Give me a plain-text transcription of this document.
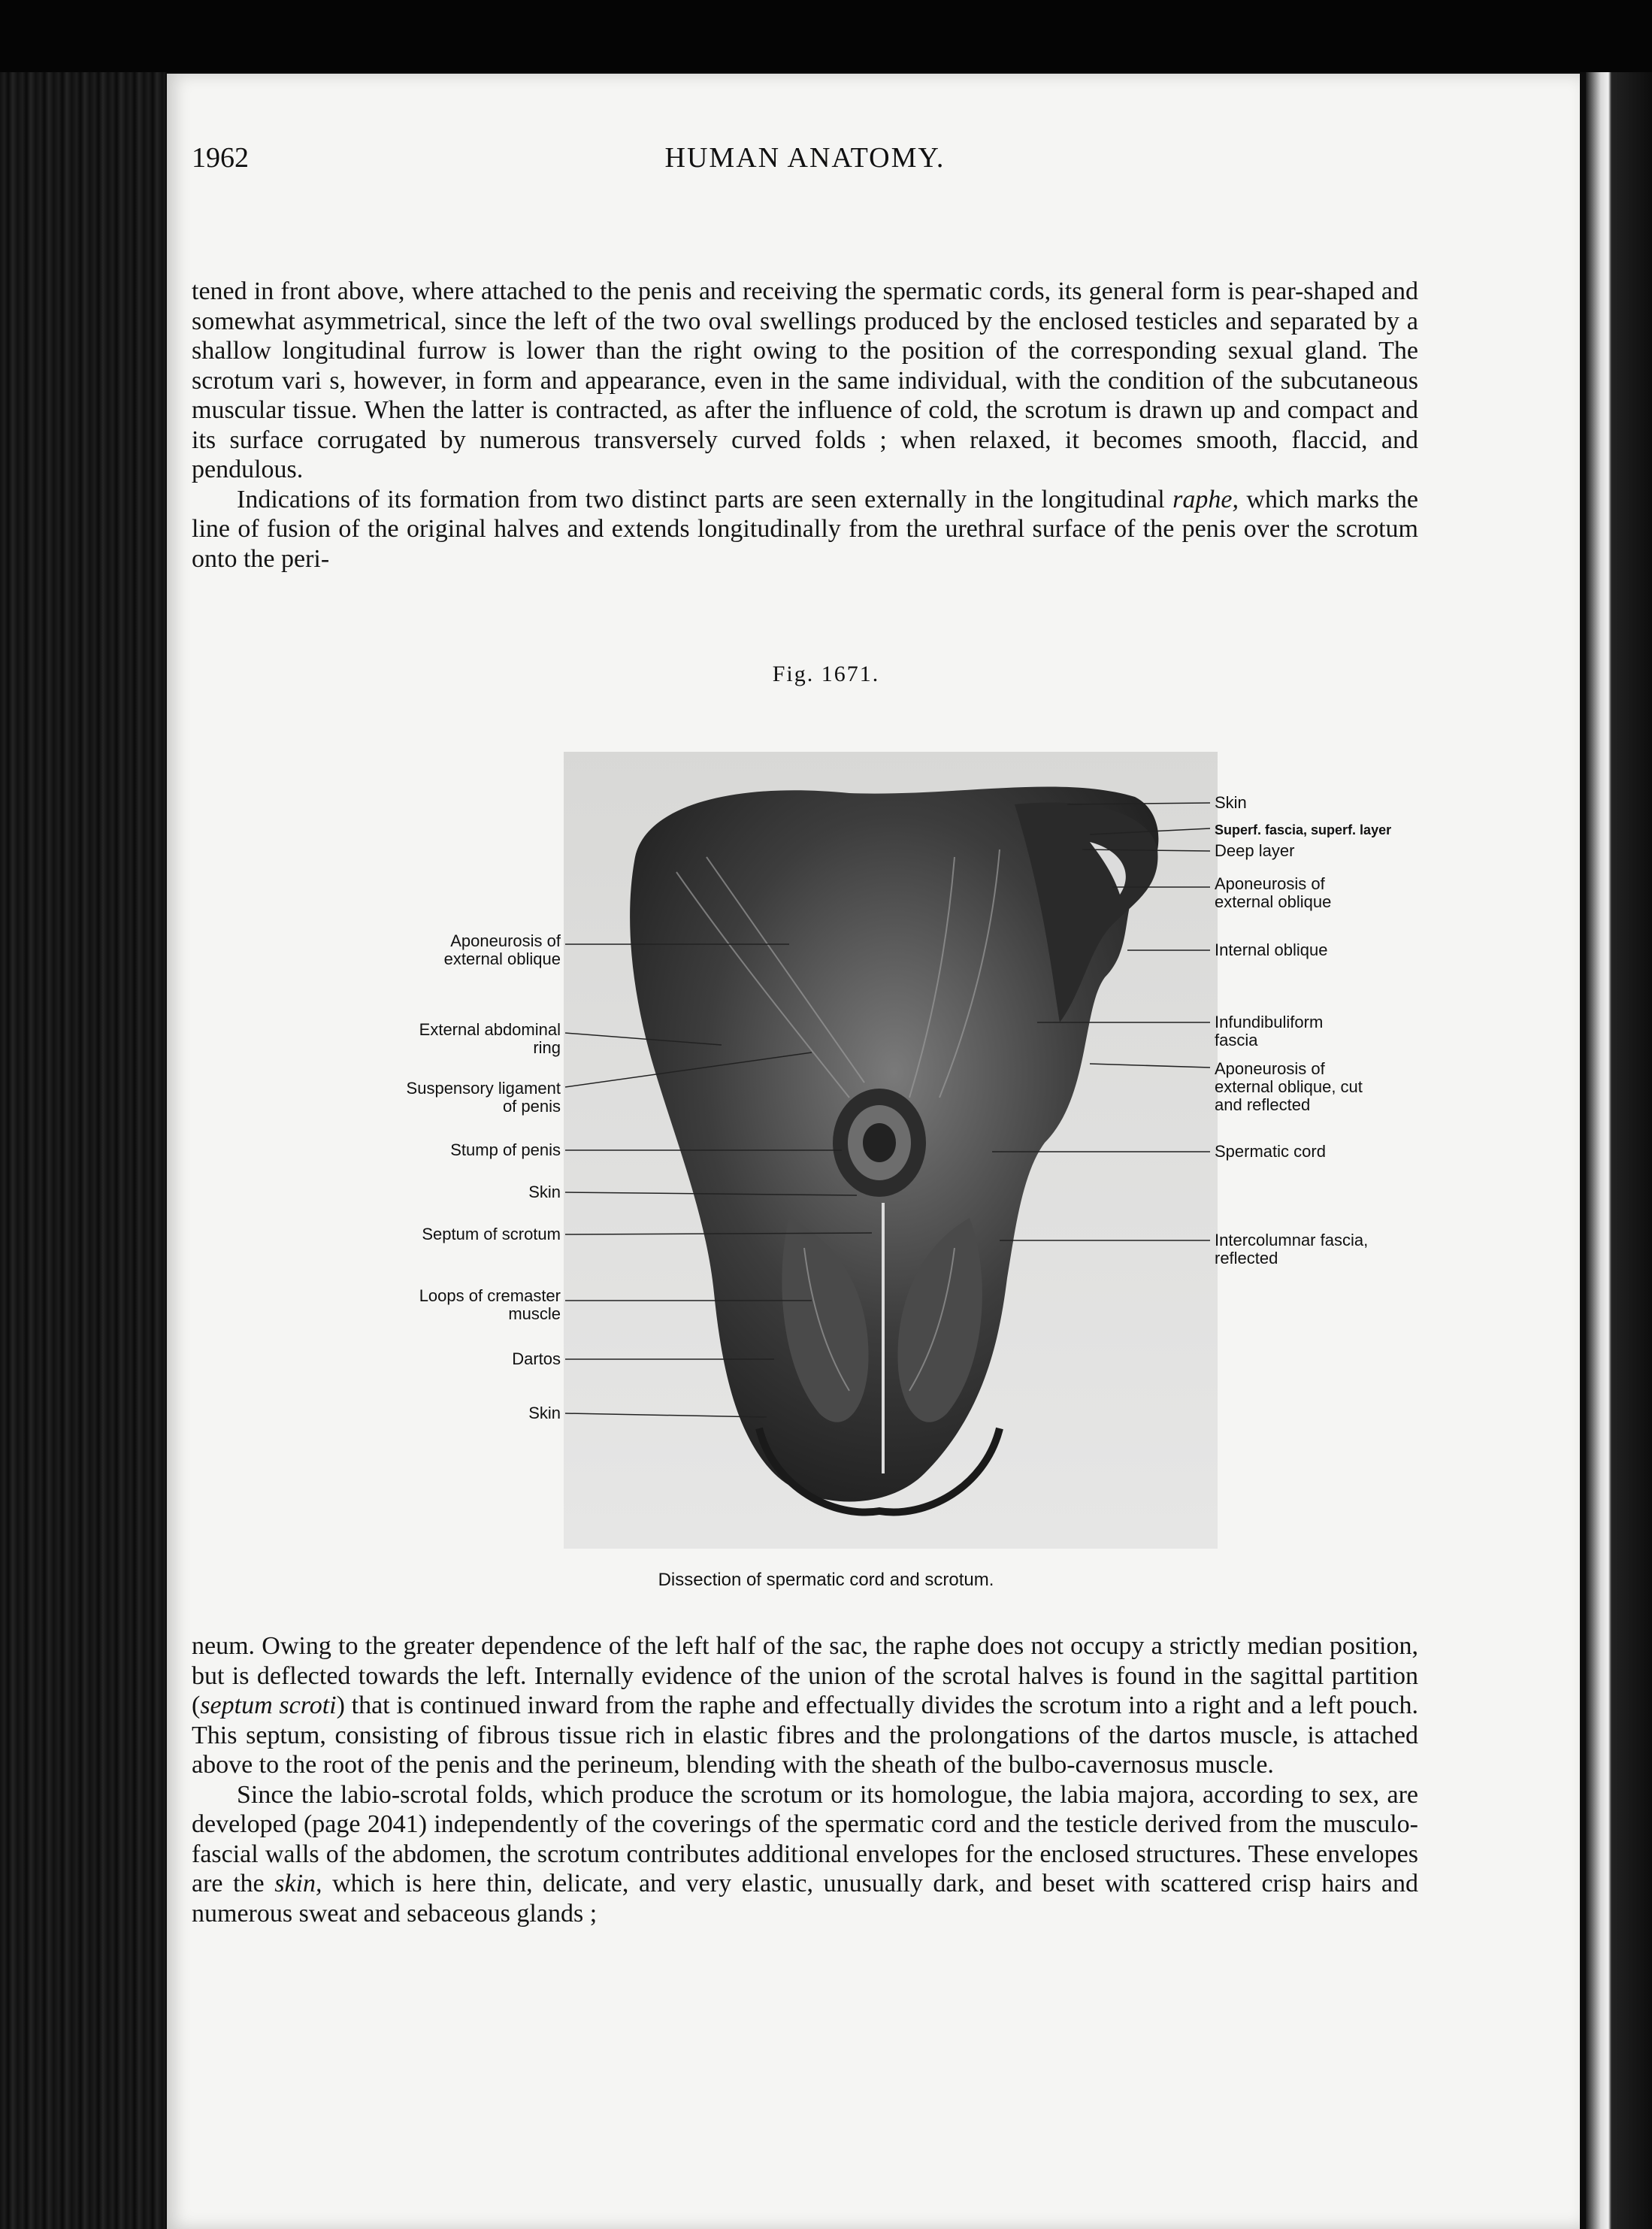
1962	HUMAN ANATOMY.

tened in front above, where attached to the penis and receiving the spermatic cords, its general form is pear-shaped and somewhat asymmetrical, since the left of the two oval swellings produced by the enclosed testicles and separated by a shallow longitudinal furrow is lower than the right owing to the position of the corresponding sexual gland. The scrotum vari s, however, in form and appearance, even in the same individual, with the condition of the subcutaneous muscular tissue. When the latter is contracted, as after the influence of cold, the scrotum is drawn up and compact and its surface corrugated by numerous transversely curved folds ; when relaxed, it becomes smooth, flaccid, and pendulous.

Indications of its formation from two distinct parts are seen externally in the longitudinal raphe, which marks the line of fusion of the original halves and extends longitudinally from the urethral surface of the penis over the scrotum onto the peri-

Fig. 1671.
Aponeurosis of
external oblique
External abdominal
ring
Suspensory ligament
of penis
Stump of penis
Skin
Septum of scrotum
Loops of cremaster
muscle
Dartos
Skin
Skin
Superf. fascia, superf. layer
Deep layer
Aponeurosis of
external oblique
Internal oblique
Infundibuliform
fascia
Aponeurosis of
external oblique, cut
and reflected
Spermatic cord
Intercolumnar fascia,
reflected
Dissection of spermatic cord and scrotum.

neum. Owing to the greater dependence of the left half of the sac, the raphe does not occupy a strictly median position, but is deflected towards the left. Internally evidence of the union of the scrotal halves is found in the sagittal partition (septum scroti) that is continued inward from the raphe and effectually divides the scrotum into a right and a left pouch. This septum, consisting of fibrous tissue rich in elastic fibres and the prolongations of the dartos muscle, is attached above to the root of the penis and the perineum, blending with the sheath of the bulbo-cavernosus muscle.

Since the labio-scrotal folds, which produce the scrotum or its homologue, the labia majora, according to sex, are developed (page 2041) independently of the coverings of the spermatic cord and the testicle derived from the musculo-fascial walls of the abdomen, the scrotum contributes additional envelopes for the enclosed structures. These envelopes are the skin, which is here thin, delicate, and very elastic, unusually dark, and beset with scattered crisp hairs and numerous sweat and sebaceous glands ;
